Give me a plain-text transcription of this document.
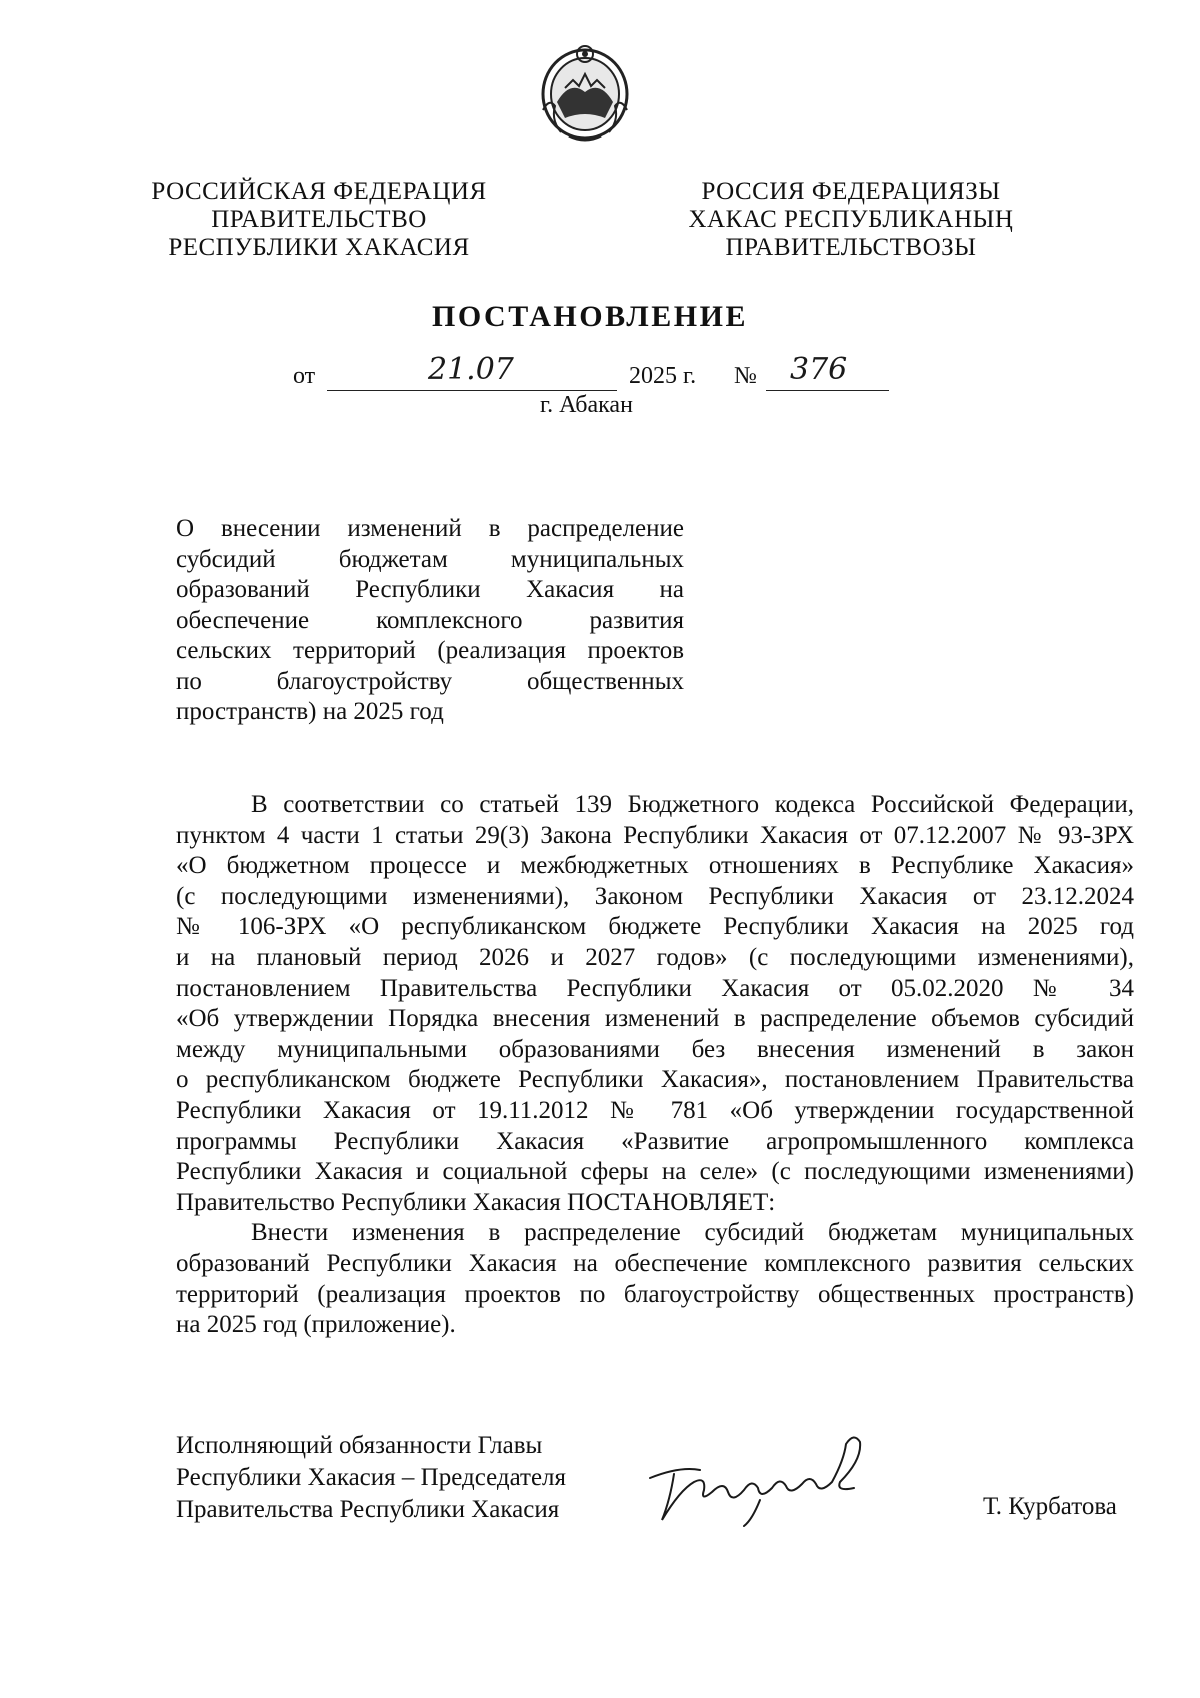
РОССИЙСКАЯ ФЕДЕРАЦИЯ
ПРАВИТЕЛЬСТВО
РЕСПУБЛИКИ ХАКАСИЯ
РОССИЯ ФЕДЕРАЦИЯЗЫ
ХАКАС РЕСПУБЛИКАНЫҢ
ПРАВИТЕЛЬСТВОЗЫ
ПОСТАНОВЛЕНИЕ
от	21.07	2025 г. № 376
г. Абакан
О внесении изменений в распределение
субсидий бюджетам муниципальных
образований Республики Хакасия на
обеспечение комплексного развития
сельских территорий (реализация проектов
по благоустройству общественных
пространств) на 2025 год
В соответствии со статьей 139 Бюджетного кодекса Российской Федерации,
пунктом 4 части 1 статьи 29(3) Закона Республики Хакасия от 07.12.2007 № 93-ЗРХ
«О бюджетном процессе и межбюджетных отношениях в Республике Хакасия»
(с последующими изменениями), Законом Республики Хакасия от 23.12.2024
№ 106-ЗРХ «О республиканском бюджете Республики Хакасия на 2025 год
и на плановый период 2026 и 2027 годов» (с последующими изменениями),
постановлением Правительства Республики Хакасия от 05.02.2020 № 34
«Об утверждении Порядка внесения изменений в распределение объемов субсидий
между муниципальными образованиями без внесения изменений в закон
о республиканском бюджете Республики Хакасия», постановлением Правительства
Республики Хакасия от 19.11.2012 № 781 «Об утверждении государственной
программы Республики Хакасия «Развитие агропромышленного комплекса
Республики Хакасия и социальной сферы на селе» (с последующими изменениями)
Правительство Республики Хакасия ПОСТАНОВЛЯЕТ:
Внести изменения в распределение субсидий бюджетам муниципальных
образований Республики Хакасия на обеспечение комплексного развития сельских
территорий (реализация проектов по благоустройству общественных пространств)
на 2025 год (приложение).
Исполняющий обязанности Главы
Республики Хакасия – Председателя
Правительства Республики Хакасия	Т. Курбатова
